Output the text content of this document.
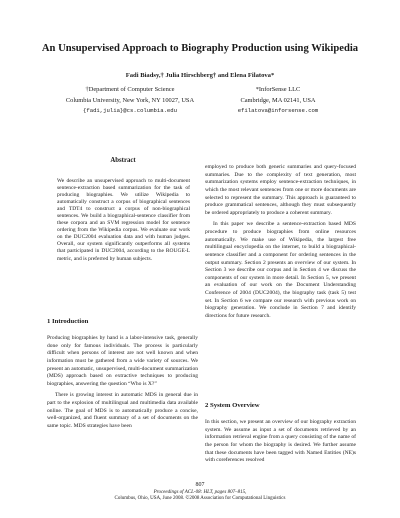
An Unsupervised Approach to Biography Production using Wikipedia
Fadi Biadsy,† Julia Hirschberg† and Elena Filatova*
†Department of Computer Science
Columbia University, New York, NY 10027, USA
{fadi,julia}@cs.columbia.edu
*InforSense LLC
Cambridge, MA 02141, USA
efilatova@inforsense.com
Abstract

We describe an unsupervised approach to multi-document sentence-extraction based summarization for the task of producing biographies. We utilize Wikipedia to automatically construct a corpus of biographical sentences and TDT4 to construct a corpus of non-biographical sentences. We build a biographical-sentence classifier from these corpora and an SVM regression model for sentence ordering from the Wikipedia corpus. We evaluate our work on the DUC2004 evaluation data and with human judges. Overall, our system significantly outperforms all systems that participated in DUC2004, according to the ROUGE-L metric, and is preferred by human subjects.

1 Introduction

Producing biographies by hand is a labor-intensive task, generally done only for famous individuals. The process is particularly difficult when persons of interest are not well known and when information must be gathered from a wide variety of sources. We present an automatic, unsupervised, multi-document summarization (MDS) approach based on extractive techniques to producing biographies, answering the question “Who is X?”

There is growing interest in automatic MDS in general due in part to the explosion of multilingual and multimedia data available online. The goal of MDS is to automatically produce a concise, well-organized, and fluent summary of a set of documents on the same topic. MDS strategies have been

employed to produce both generic summaries and query-focused summaries. Due to the complexity of text generation, most summarization systems employ sentence-extraction techniques, in which the most relevant sentences from one or more documents are selected to represent the summary. This approach is guaranteed to produce grammatical sentences, although they must subsequently be ordered appropriately to produce a coherent summary.

In this paper we describe a sentence-extraction based MDS procedure to produce biographies from online resources automatically. We make use of Wikipedia, the largest free multilingual encyclopedia on the internet, to build a biographical-sentence classifier and a component for ordering sentences in the output summary. Section 2 presents an overview of our system. In Section 3 we describe our corpus and in Section 4 we discuss the components of our system in more detail. In Section 5, we present an evaluation of our work on the Document Understanding Conference of 2004 (DUC2004), the biography task (task 5) test set. In Section 6 we compare our research with previous work on biography generation. We conclude in Section 7 and identify directions for future research.

2 System Overview

In this section, we present an overview of our biography extraction system. We assume as input a set of documents retrieved by an information retrieval engine from a query consisting of the name of the person for whom the biography is desired. We further assume that these documents have been tagged with Named Entities (NE)s with coreferences resolved

807
Proceedings of ACL-08: HLT, pages 807–815,
Columbus, Ohio, USA, June 2008. ©2008 Association for Computational Linguistics
